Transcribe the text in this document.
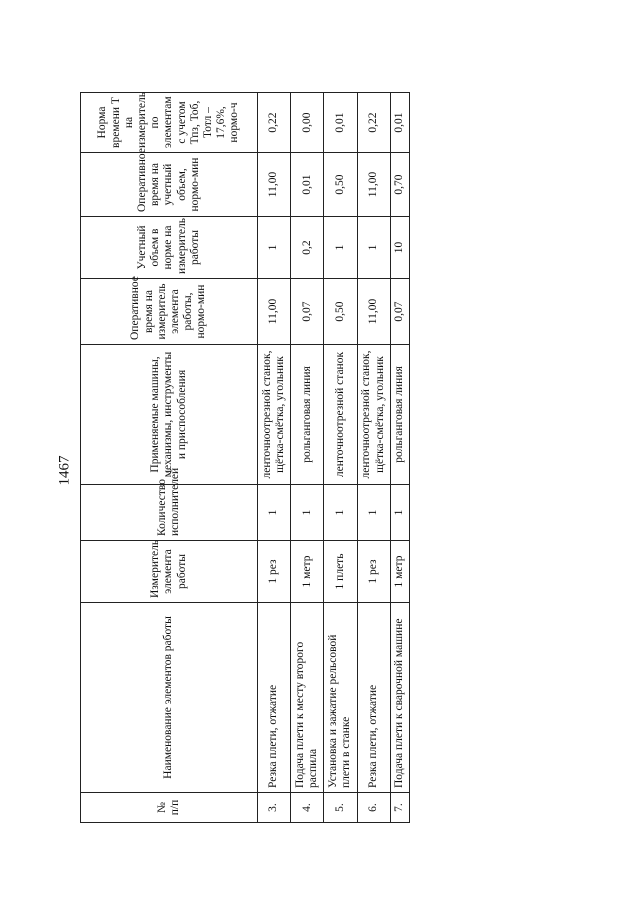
1467
№ п/п	Наименование элементов работы	Измеритель элемента работы	Количество исполнителей	Применяемые машины, механизмы, инструменты и приспособления	Оперативное время на измеритель элемента работы, нормо-мин	Учетный объем в норме на измеритель работы	Оперативное время на учетный объем, нормо-мин	Норма времени Т на измеритель по элементам с учетом Тпз, Тоб, Тотл – 17,6%, нормо-ч
3.	Резка плети, отжатие	1 рез	1	ленточноотрезной станок, щётка-смётка, угольник	11,00	1	11,00	0,22
4.	Подача плети к месту второго распила	1 метр	1	рольганговая линия	0,07	0,2	0,01	0,00
5.	Установка и зажатие рельсовой плети в станке	1 плеть	1	ленточноотрезной станок	0,50	1	0,50	0,01
6.	Резка плети, отжатие	1 рез	1	ленточноотрезной станок, щётка-смётка, угольник	11,00	1	11,00	0,22
7.	Подача плети к сварочной машине	1 метр	1	рольганговая линия	0,07	10	0,70	0,01
